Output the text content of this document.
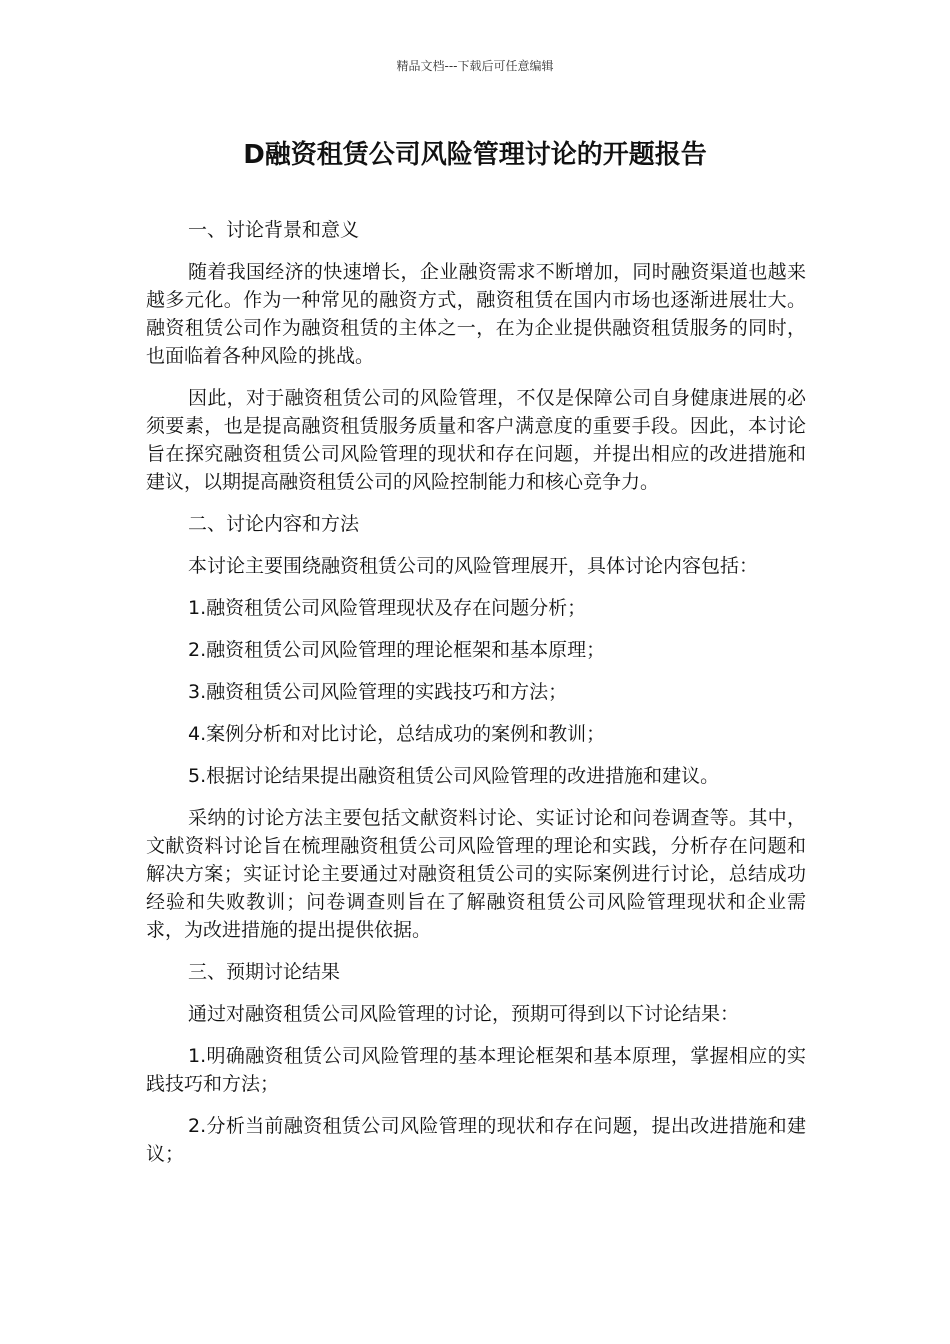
精品文档---下载后可任意编辑
D融资租赁公司风险管理讨论的开题报告

一、讨论背景和意义

随着我国经济的快速增长，企业融资需求不断增加，同时融资渠道也越来越多元化。作为一种常见的融资方式，融资租赁在国内市场也逐渐进展壮大。融资租赁公司作为融资租赁的主体之一，在为企业提供融资租赁服务的同时，也面临着各种风险的挑战。

因此，对于融资租赁公司的风险管理，不仅是保障公司自身健康进展的必须要素，也是提高融资租赁服务质量和客户满意度的重要手段。因此，本讨论旨在探究融资租赁公司风险管理的现状和存在问题，并提出相应的改进措施和建议，以期提高融资租赁公司的风险控制能力和核心竞争力。

二、讨论内容和方法

本讨论主要围绕融资租赁公司的风险管理展开，具体讨论内容包括：

1.融资租赁公司风险管理现状及存在问题分析；

2.融资租赁公司风险管理的理论框架和基本原理；

3.融资租赁公司风险管理的实践技巧和方法；

4.案例分析和对比讨论，总结成功的案例和教训；

5.根据讨论结果提出融资租赁公司风险管理的改进措施和建议。

采纳的讨论方法主要包括文献资料讨论、实证讨论和问卷调查等。其中，文献资料讨论旨在梳理融资租赁公司风险管理的理论和实践，分析存在问题和解决方案；实证讨论主要通过对融资租赁公司的实际案例进行讨论，总结成功经验和失败教训；问卷调查则旨在了解融资租赁公司风险管理现状和企业需求，为改进措施的提出提供依据。

三、预期讨论结果

通过对融资租赁公司风险管理的讨论，预期可得到以下讨论结果：

1.明确融资租赁公司风险管理的基本理论框架和基本原理，掌握相应的实践技巧和方法；

2.分析当前融资租赁公司风险管理的现状和存在问题，提出改进措施和建议；
